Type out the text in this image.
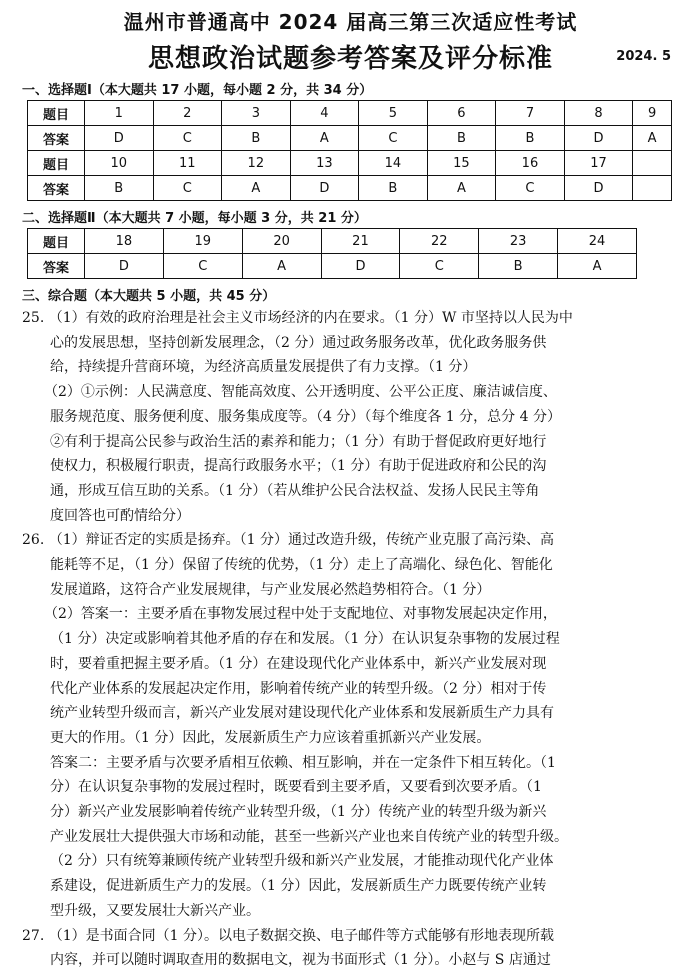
温州市普通高中 2024 届高三第三次适应性考试
思想政治试题参考答案及评分标准	2024. 5
一、选择题Ⅰ（本大题共 17 小题，每小题 2 分，共 34 分）
题目	1	2	3	4	5	6	7	8	9
答案	D	C	B	A	C	B	B	D	A
题目	10	11	12	13	14	15	16	17	
答案	B	C	A	D	B	A	C	D	
二、选择题Ⅱ（本大题共 7 小题，每小题 3 分，共 21 分）
题目	18	19	20	21	22	23	24
答案	D	C	A	D	C	B	A
三、综合题（本大题共 5 小题，共 45 分）
25. （1）有效的政府治理是社会主义市场经济的内在要求。（1 分）W 市坚持以人民为中
心的发展思想，坚持创新发展理念，（2 分）通过政务服务改革，优化政务服务供
给，持续提升营商环境，为经济高质量发展提供了有力支撑。（1 分）
（2）①示例：人民满意度、智能高效度、公开透明度、公平公正度、廉洁诚信度、
服务规范度、服务便利度、服务集成度等。（4 分）（每个维度各 1 分，总分 4 分）
②有利于提高公民参与政治生活的素养和能力；（1 分）有助于督促政府更好地行
使权力，积极履行职责，提高行政服务水平；（1 分）有助于促进政府和公民的沟
通，形成互信互助的关系。（1 分）（若从维护公民合法权益、发扬人民民主等角
度回答也可酌情给分）
26. （1）辩证否定的实质是扬弃。（1 分）通过改造升级，传统产业克服了高污染、高
能耗等不足，（1 分）保留了传统的优势，（1 分）走上了高端化、绿色化、智能化
发展道路，这符合产业发展规律，与产业发展必然趋势相符合。（1 分）
（2）答案一：主要矛盾在事物发展过程中处于支配地位、对事物发展起决定作用，
（1 分）决定或影响着其他矛盾的存在和发展。（1 分）在认识复杂事物的发展过程
时，要着重把握主要矛盾。（1 分）在建设现代化产业体系中，新兴产业发展对现
代化产业体系的发展起决定作用，影响着传统产业的转型升级。（2 分）相对于传
统产业转型升级而言，新兴产业发展对建设现代化产业体系和发展新质生产力具有
更大的作用。（1 分）因此，发展新质生产力应该着重抓新兴产业发展。
答案二：主要矛盾与次要矛盾相互依赖、相互影响，并在一定条件下相互转化。（1
分）在认识复杂事物的发展过程时，既要看到主要矛盾，又要看到次要矛盾。（1
分）新兴产业发展影响着传统产业转型升级，（1 分）传统产业的转型升级为新兴
产业发展壮大提供强大市场和动能，甚至一些新兴产业也来自传统产业的转型升级。
（2 分）只有统筹兼顾传统产业转型升级和新兴产业发展，才能推动现代化产业体
系建设，促进新质生产力的发展。（1 分）因此，发展新质生产力既要传统产业转
型升级，又要发展壮大新兴产业。
27. （1）是书面合同（1 分）。以电子数据交换、电子邮件等方式能够有形地表现所载
内容，并可以随时调取查用的数据电文，视为书面形式（1 分）。小赵与 S 店通过
